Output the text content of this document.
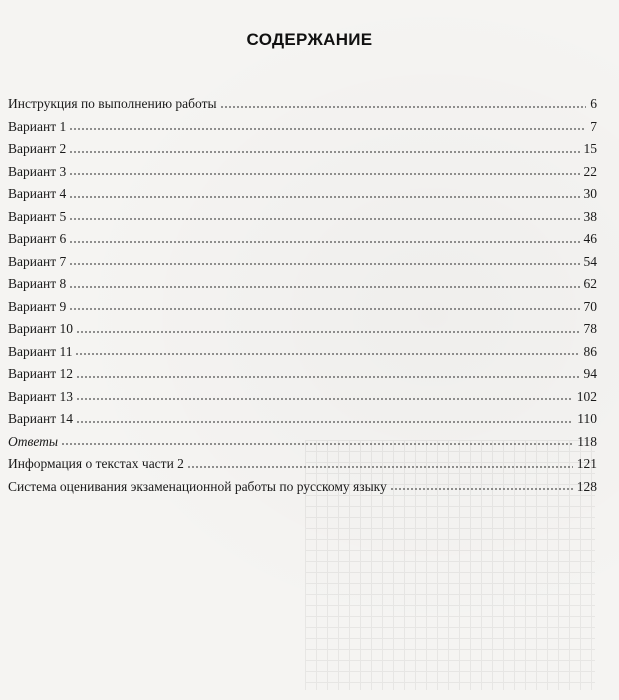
СОДЕРЖАНИЕ
Инструкция по выполнению работы	6
Вариант 1	7
Вариант 2	15
Вариант 3	22
Вариант 4	30
Вариант 5	38
Вариант 6	46
Вариант 7	54
Вариант 8	62
Вариант 9	70
Вариант 10	78
Вариант 11	86
Вариант 12	94
Вариант 13	102
Вариант 14	110
Ответы	118
Информация о текстах части 2	121
Система оценивания экзаменационной работы по русскому языку	128
